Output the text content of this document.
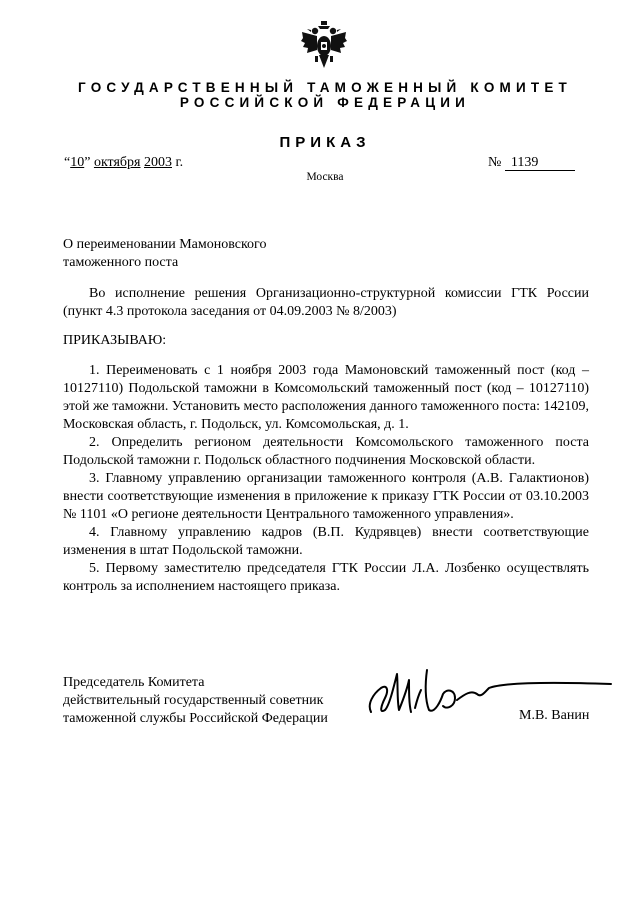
ГОСУДАРСТВЕННЫЙ ТАМОЖЕННЫЙ КОМИТЕТ
РОССИЙСКОЙ ФЕДЕРАЦИИ
ПРИКАЗ
“10” октября 2003 г.	№ 1139
Москва
О переименовании Мамоновского
таможенного поста

Во исполнение решения Организационно-структурной комиссии ГТК России (пункт 4.3 протокола заседания от 04.09.2003 № 8/2003)

ПРИКАЗЫВАЮ:

1. Переименовать с 1 ноября 2003 года Мамоновский таможенный пост (код – 10127110) Подольской таможни в Комсомольский таможенный пост (код – 10127110) этой же таможни. Установить место расположения данного таможенного поста: 142109, Московская область, г. Подольск, ул. Комсомольская, д. 1.

2. Определить регионом деятельности Комсомольского таможенного поста Подольской таможни г. Подольск областного подчинения Московской области.

3. Главному управлению организации таможенного контроля (А.В. Галактионов) внести соответствующие изменения в приложение к приказу ГТК России от 03.10.2003 № 1101 «О регионе деятельности Центрального таможенного управления».

4. Главному управлению кадров (В.П. Кудрявцев) внести соответствующие изменения в штат Подольской таможни.

5. Первому заместителю председателя ГТК России Л.А. Лозбенко осуществлять контроль за исполнением настоящего приказа.

Председатель Комитета
действительный государственный советник
таможенной службы Российской Федерации	М.В. Ванин
